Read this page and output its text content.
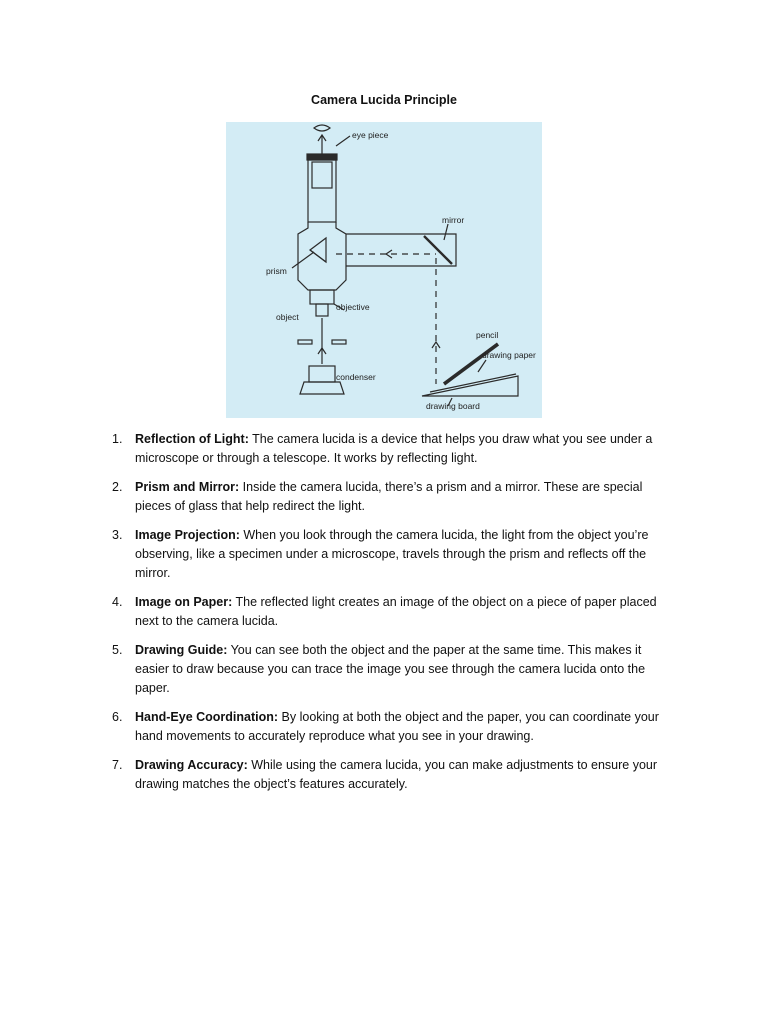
Camera Lucida Principle
eye piece
mirror
prism
objective
object
pencil
drawing paper
condenser
drawing board
1. Reflection of Light: The camera lucida is a device that helps you draw what you see under a microscope or through a telescope. It works by reflecting light.
2. Prism and Mirror: Inside the camera lucida, there’s a prism and a mirror. These are special pieces of glass that help redirect the light.
3. Image Projection: When you look through the camera lucida, the light from the object you’re observing, like a specimen under a microscope, travels through the prism and reflects off the mirror.
4. Image on Paper: The reflected light creates an image of the object on a piece of paper placed next to the camera lucida.
5. Drawing Guide: You can see both the object and the paper at the same time. This makes it easier to draw because you can trace the image you see through the camera lucida onto the paper.
6. Hand-Eye Coordination: By looking at both the object and the paper, you can coordinate your hand movements to accurately reproduce what you see in your drawing.
7. Drawing Accuracy: While using the camera lucida, you can make adjustments to ensure your drawing matches the object’s features accurately.
